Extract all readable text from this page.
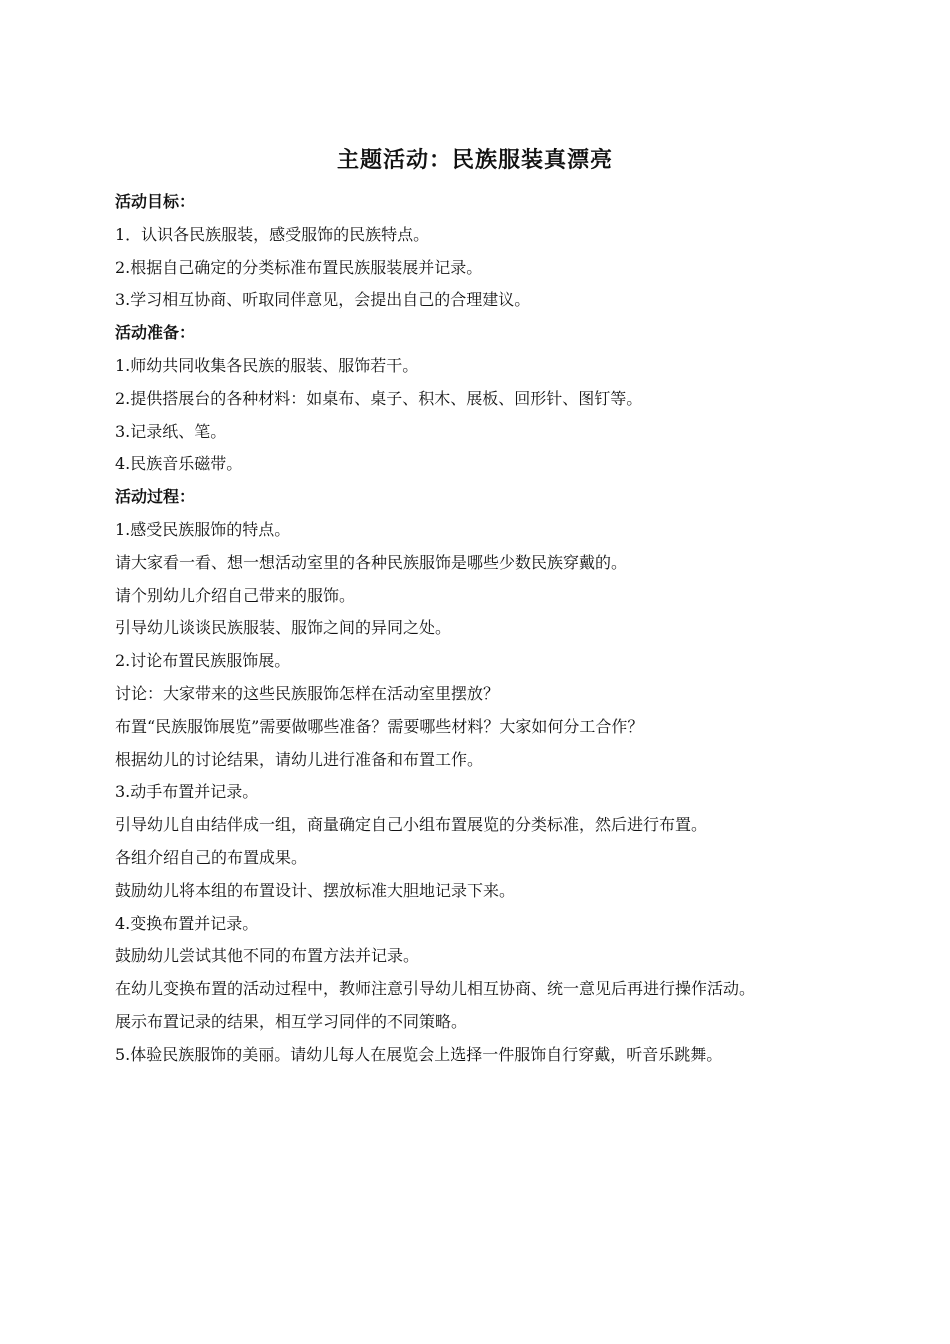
主题活动：民族服装真漂亮
活动目标：
1．认识各民族服装，感受服饰的民族特点。
2.根据自己确定的分类标准布置民族服装展并记录。
3.学习相互协商、听取同伴意见，会提出自己的合理建议。
活动准备：
1.师幼共同收集各民族的服装、服饰若干。
2.提供搭展台的各种材料：如桌布、桌子、积木、展板、回形针、图钉等。
3.记录纸、笔。
4.民族音乐磁带。
活动过程：
1.感受民族服饰的特点。
请大家看一看、想一想活动室里的各种民族服饰是哪些少数民族穿戴的。
请个别幼儿介绍自己带来的服饰。
引导幼儿谈谈民族服装、服饰之间的异同之处。
2.讨论布置民族服饰展。
讨论：大家带来的这些民族服饰怎样在活动室里摆放？
布置“民族服饰展览”需要做哪些准备？需要哪些材料？大家如何分工合作？
根据幼儿的讨论结果，请幼儿进行准备和布置工作。
3.动手布置并记录。
引导幼儿自由结伴成一组，商量确定自己小组布置展览的分类标准，然后进行布置。
各组介绍自己的布置成果。
鼓励幼儿将本组的布置设计、摆放标准大胆地记录下来。
4.变换布置并记录。
鼓励幼儿尝试其他不同的布置方法并记录。
在幼儿变换布置的活动过程中，教师注意引导幼儿相互协商、统一意见后再进行操作活动。
展示布置记录的结果，相互学习同伴的不同策略。
5.体验民族服饰的美丽。请幼儿每人在展览会上选择一件服饰自行穿戴，听音乐跳舞。
